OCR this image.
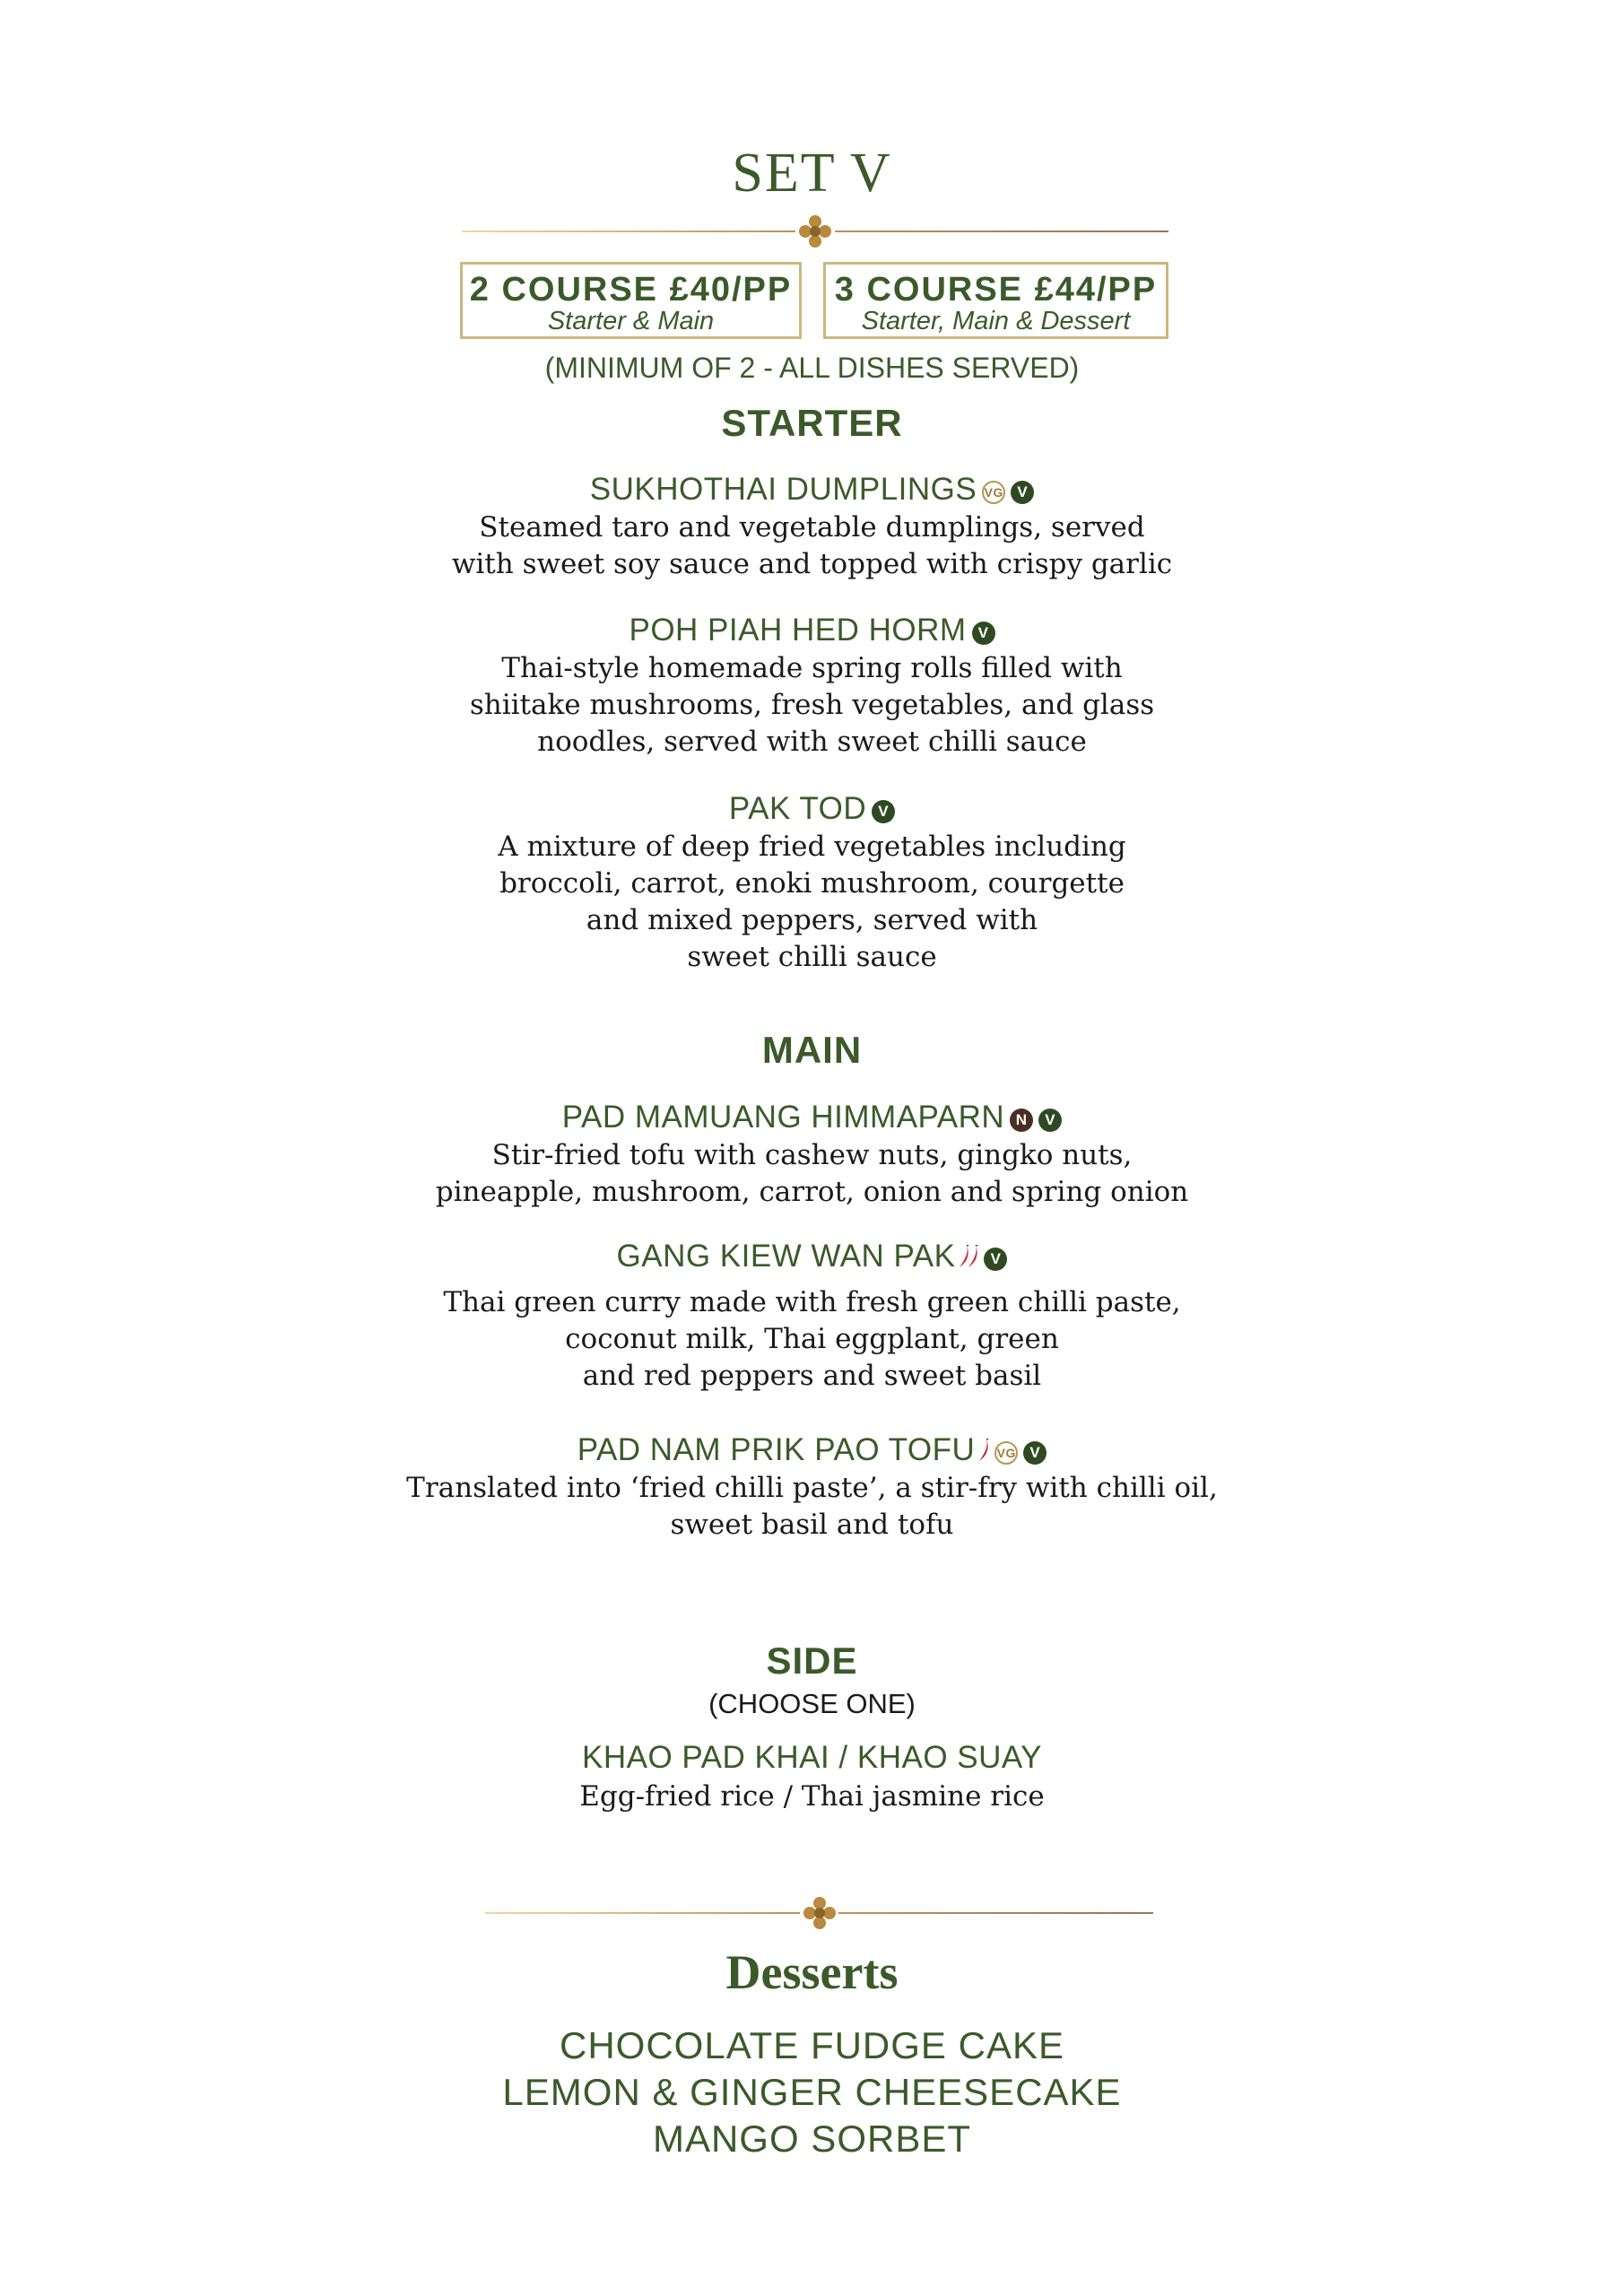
SET V
2 COURSE £40/PP
Starter & Main
3 COURSE £44/PP
Starter, Main & Dessert
(MINIMUM OF 2 - ALL DISHES SERVED)
STARTER
SUKHOTHAI DUMPLINGS VG V
Steamed taro and vegetable dumplings, served
with sweet soy sauce and topped with crispy garlic
POH PIAH HED HORM V
Thai-style homemade spring rolls filled with
shiitake mushrooms, fresh vegetables, and glass
noodles, served with sweet chilli sauce
PAK TOD V
A mixture of deep fried vegetables including
broccoli, carrot, enoki mushroom, courgette
and mixed peppers, served with
sweet chilli sauce
MAIN
PAD MAMUANG HIMMAPARN N V
Stir-fried tofu with cashew nuts, gingko nuts,
pineapple, mushroom, carrot, onion and spring onion
GANG KIEW WAN PAK V
Thai green curry made with fresh green chilli paste,
coconut milk, Thai eggplant, green
and red peppers and sweet basil
PAD NAM PRIK PAO TOFU VG V
Translated into ‘fried chilli paste’, a stir-fry with chilli oil,
sweet basil and tofu
SIDE
(CHOOSE ONE)
KHAO PAD KHAI / KHAO SUAY
Egg-fried rice / Thai jasmine rice
Desserts
CHOCOLATE FUDGE CAKE
LEMON & GINGER CHEESECAKE
MANGO SORBET
